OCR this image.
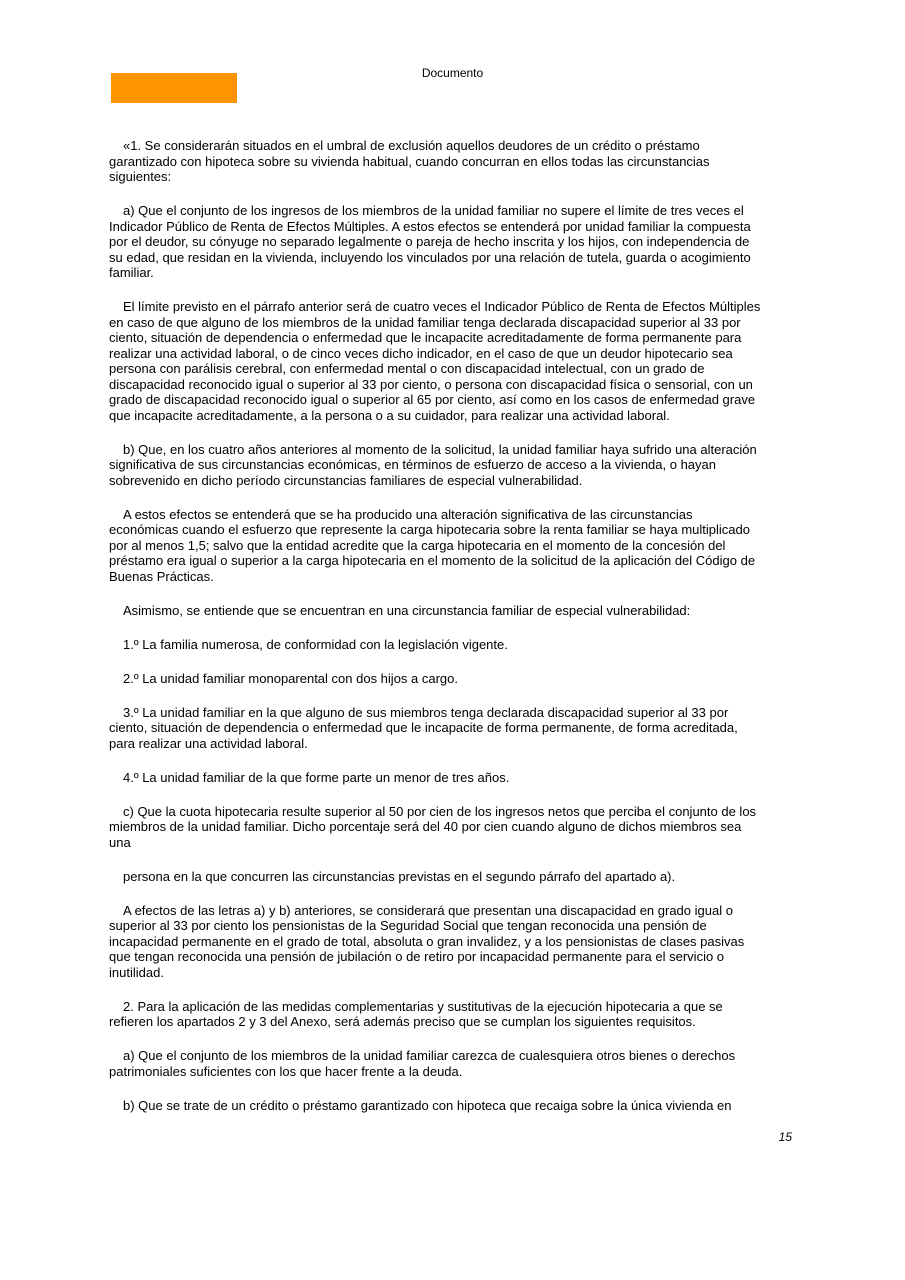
Documento

«1. Se considerarán situados en el umbral de exclusión aquellos deudores de un crédito o préstamo
garantizado con hipoteca sobre su vivienda habitual, cuando concurran en ellos todas las circunstancias
siguientes:

a) Que el conjunto de los ingresos de los miembros de la unidad familiar no supere el límite de tres veces el
Indicador Público de Renta de Efectos Múltiples. A estos efectos se entenderá por unidad familiar la compuesta
por el deudor, su cónyuge no separado legalmente o pareja de hecho inscrita y los hijos, con independencia de
su edad, que residan en la vivienda, incluyendo los vinculados por una relación de tutela, guarda o acogimiento
familiar.

El límite previsto en el párrafo anterior será de cuatro veces el Indicador Público de Renta de Efectos Múltiples
en caso de que alguno de los miembros de la unidad familiar tenga declarada discapacidad superior al 33 por
ciento, situación de dependencia o enfermedad que le incapacite acreditadamente de forma permanente para
realizar una actividad laboral, o de cinco veces dicho indicador, en el caso de que un deudor hipotecario sea
persona con parálisis cerebral, con enfermedad mental o con discapacidad intelectual, con un grado de
discapacidad reconocido igual o superior al 33 por ciento, o persona con discapacidad física o sensorial, con un
grado de discapacidad reconocido igual o superior al 65 por ciento, así como en los casos de enfermedad grave
que incapacite acreditadamente, a la persona o a su cuidador, para realizar una actividad laboral.

b) Que, en los cuatro años anteriores al momento de la solicitud, la unidad familiar haya sufrido una alteración
significativa de sus circunstancias económicas, en términos de esfuerzo de acceso a la vivienda, o hayan
sobrevenido en dicho período circunstancias familiares de especial vulnerabilidad.

A estos efectos se entenderá que se ha producido una alteración significativa de las circunstancias
económicas cuando el esfuerzo que represente la carga hipotecaria sobre la renta familiar se haya multiplicado
por al menos 1,5; salvo que la entidad acredite que la carga hipotecaria en el momento de la concesión del
préstamo era igual o superior a la carga hipotecaria en el momento de la solicitud de la aplicación del Código de
Buenas Prácticas.

Asimismo, se entiende que se encuentran en una circunstancia familiar de especial vulnerabilidad:

1.º La familia numerosa, de conformidad con la legislación vigente.

2.º La unidad familiar monoparental con dos hijos a cargo.

3.º La unidad familiar en la que alguno de sus miembros tenga declarada discapacidad superior al 33 por
ciento, situación de dependencia o enfermedad que le incapacite de forma permanente, de forma acreditada,
para realizar una actividad laboral.

4.º La unidad familiar de la que forme parte un menor de tres años.

c) Que la cuota hipotecaria resulte superior al 50 por cien de los ingresos netos que perciba el conjunto de los
miembros de la unidad familiar. Dicho porcentaje será del 40 por cien cuando alguno de dichos miembros sea
una

persona en la que concurren las circunstancias previstas en el segundo párrafo del apartado a).

A efectos de las letras a) y b) anteriores, se considerará que presentan una discapacidad en grado igual o
superior al 33 por ciento los pensionistas de la Seguridad Social que tengan reconocida una pensión de
incapacidad permanente en el grado de total, absoluta o gran invalidez, y a los pensionistas de clases pasivas
que tengan reconocida una pensión de jubilación o de retiro por incapacidad permanente para el servicio o
inutilidad.

2. Para la aplicación de las medidas complementarias y sustitutivas de la ejecución hipotecaria a que se
refieren los apartados 2 y 3 del Anexo, será además preciso que se cumplan los siguientes requisitos.

a) Que el conjunto de los miembros de la unidad familiar carezca de cualesquiera otros bienes o derechos
patrimoniales suficientes con los que hacer frente a la deuda.

b) Que se trate de un crédito o préstamo garantizado con hipoteca que recaiga sobre la única vivienda en

15
